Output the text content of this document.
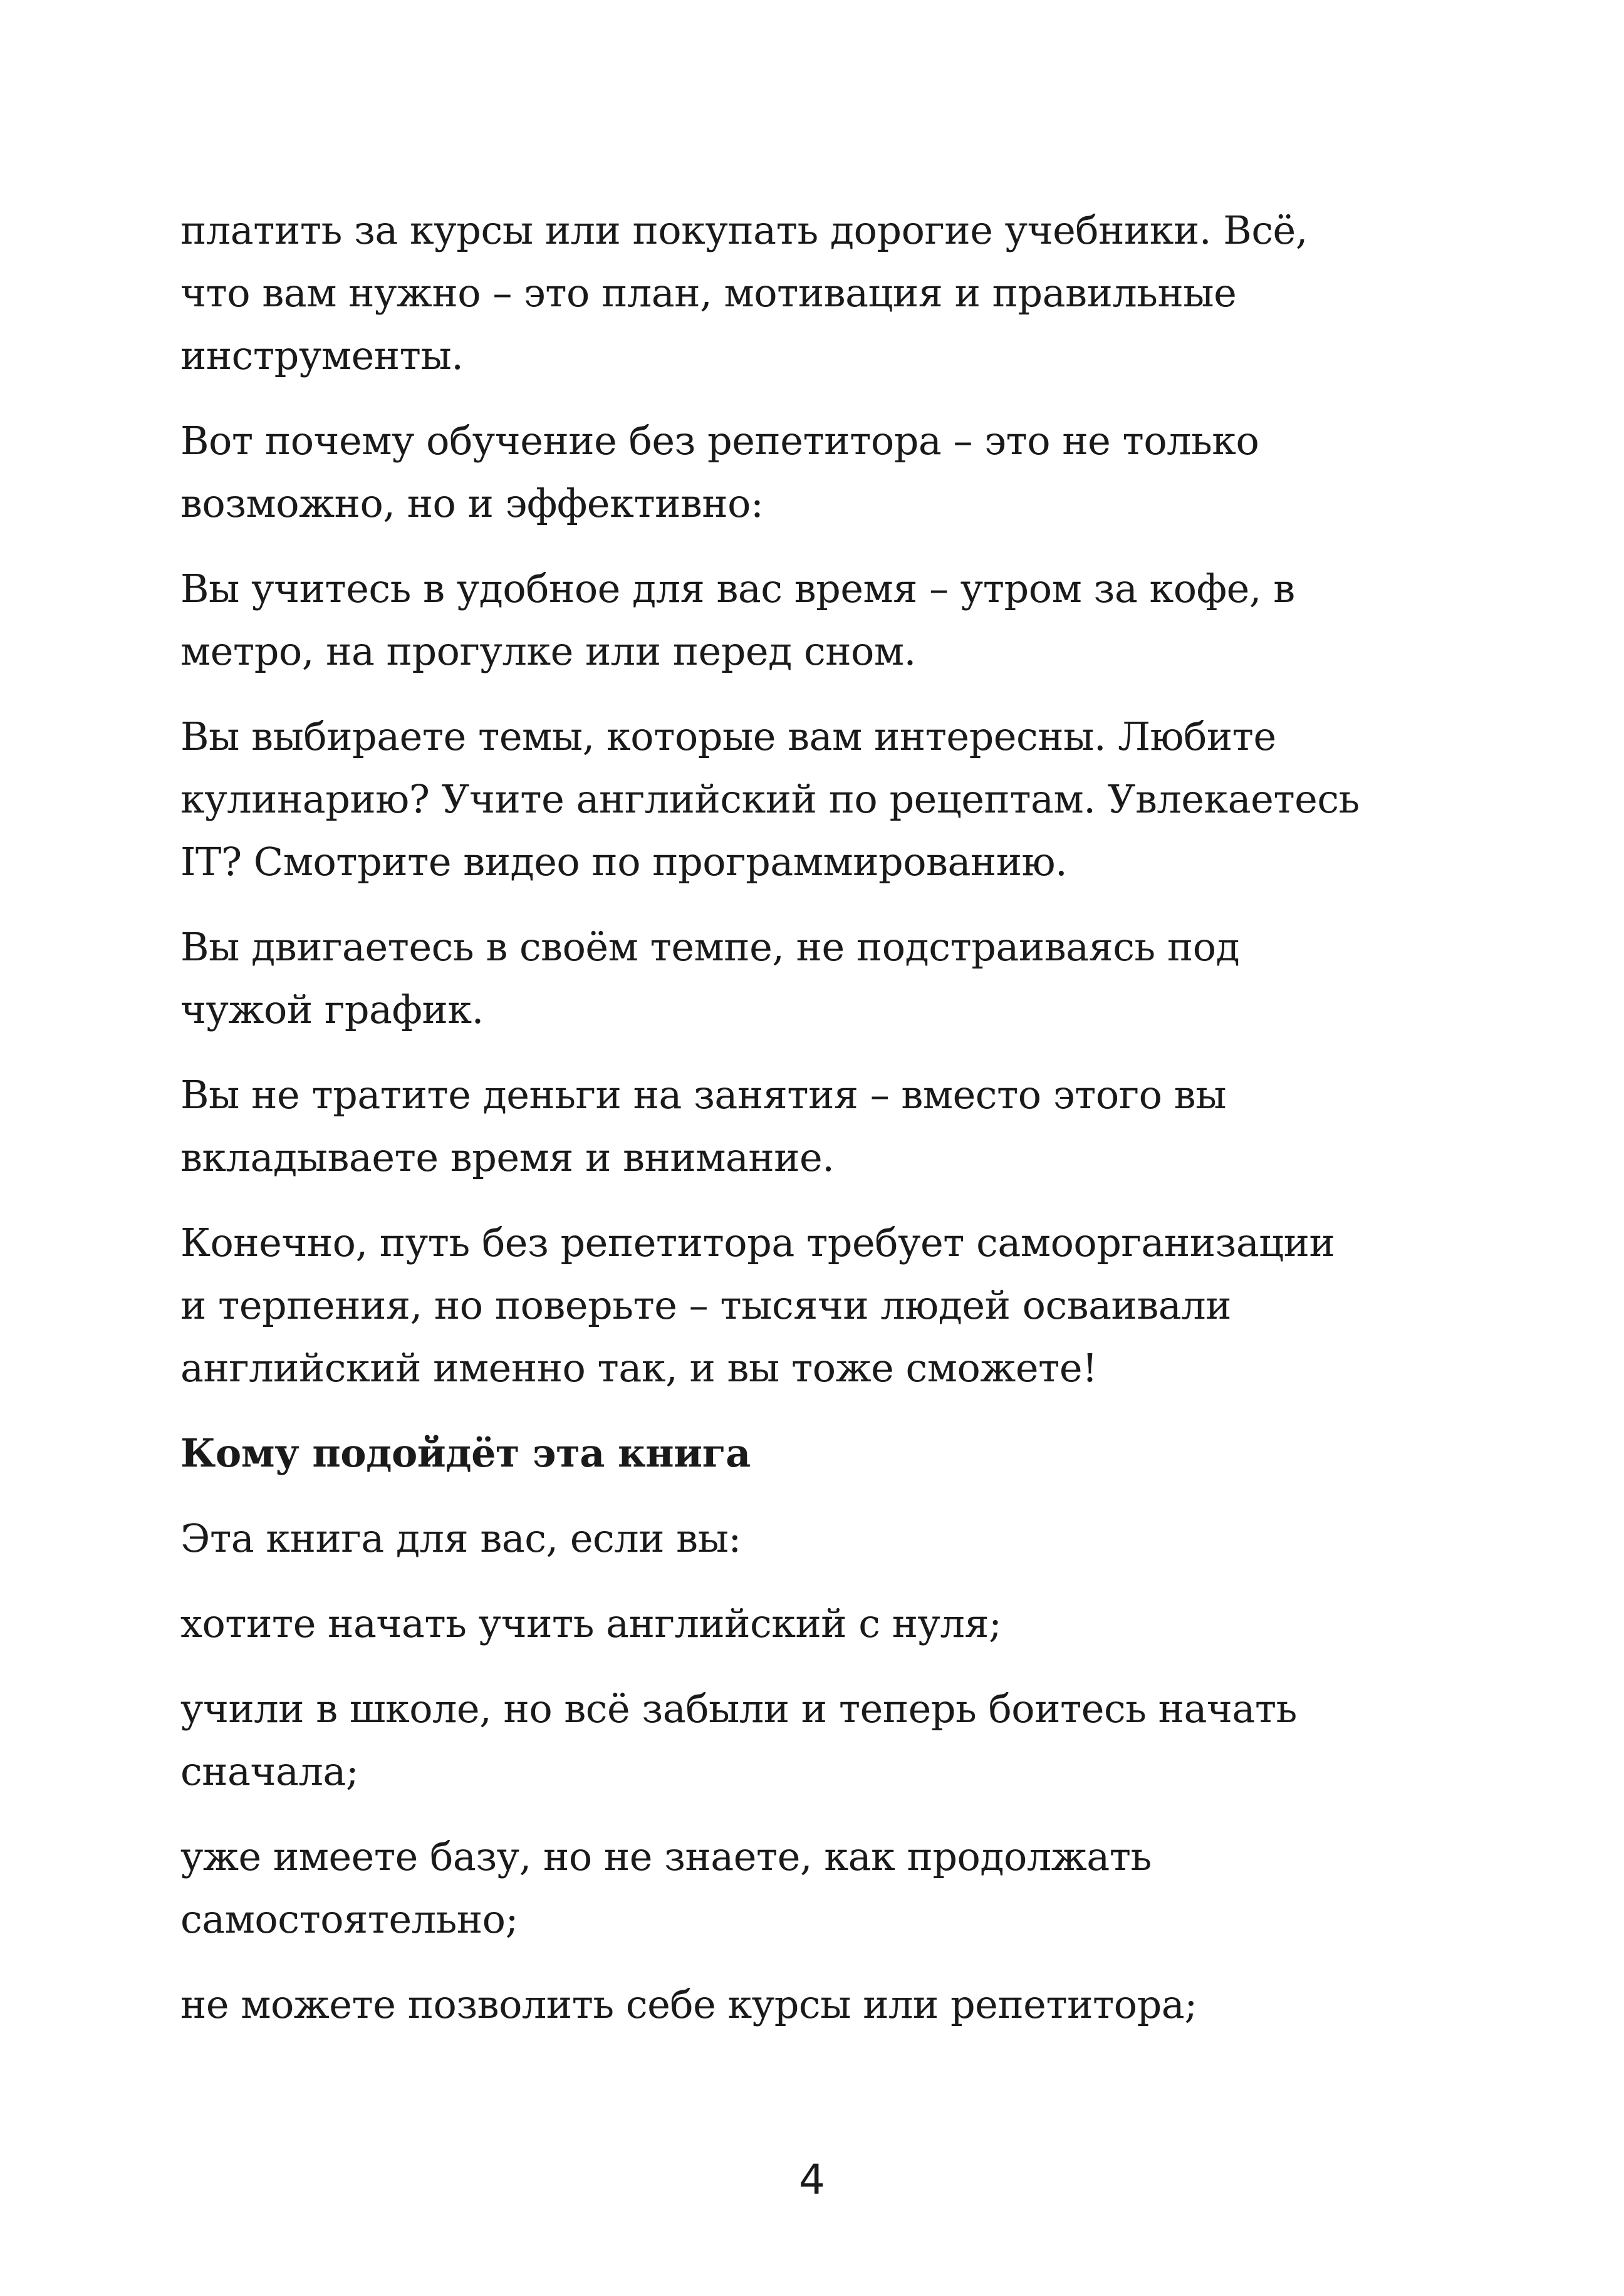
платить за курсы или покупать дорогие учебники. Всё, что вам нужно – это план, мотивация и правильные инструменты.

Вот почему обучение без репетитора – это не только возможно, но и эффективно:

Вы учитесь в удобное для вас время – утром за кофе, в метро, на прогулке или перед сном.

Вы выбираете темы, которые вам интересны. Любите кулинарию? Учите английский по рецептам. Увлекаетесь IT? Смотрите видео по программированию.

Вы двигаетесь в своём темпе, не подстраиваясь под чужой график.

Вы не тратите деньги на занятия – вместо этого вы вкладываете время и внимание.

Конечно, путь без репетитора требует самоорганизации и терпения, но поверьте – тысячи людей осваивали английский именно так, и вы тоже сможете!

Кому подойдёт эта книга

Эта книга для вас, если вы:

хотите начать учить английский с нуля;

учили в школе, но всё забыли и теперь боитесь начать сначала;

уже имеете базу, но не знаете, как продолжать самостоятельно;

не можете позволить себе курсы или репетитора;

4
